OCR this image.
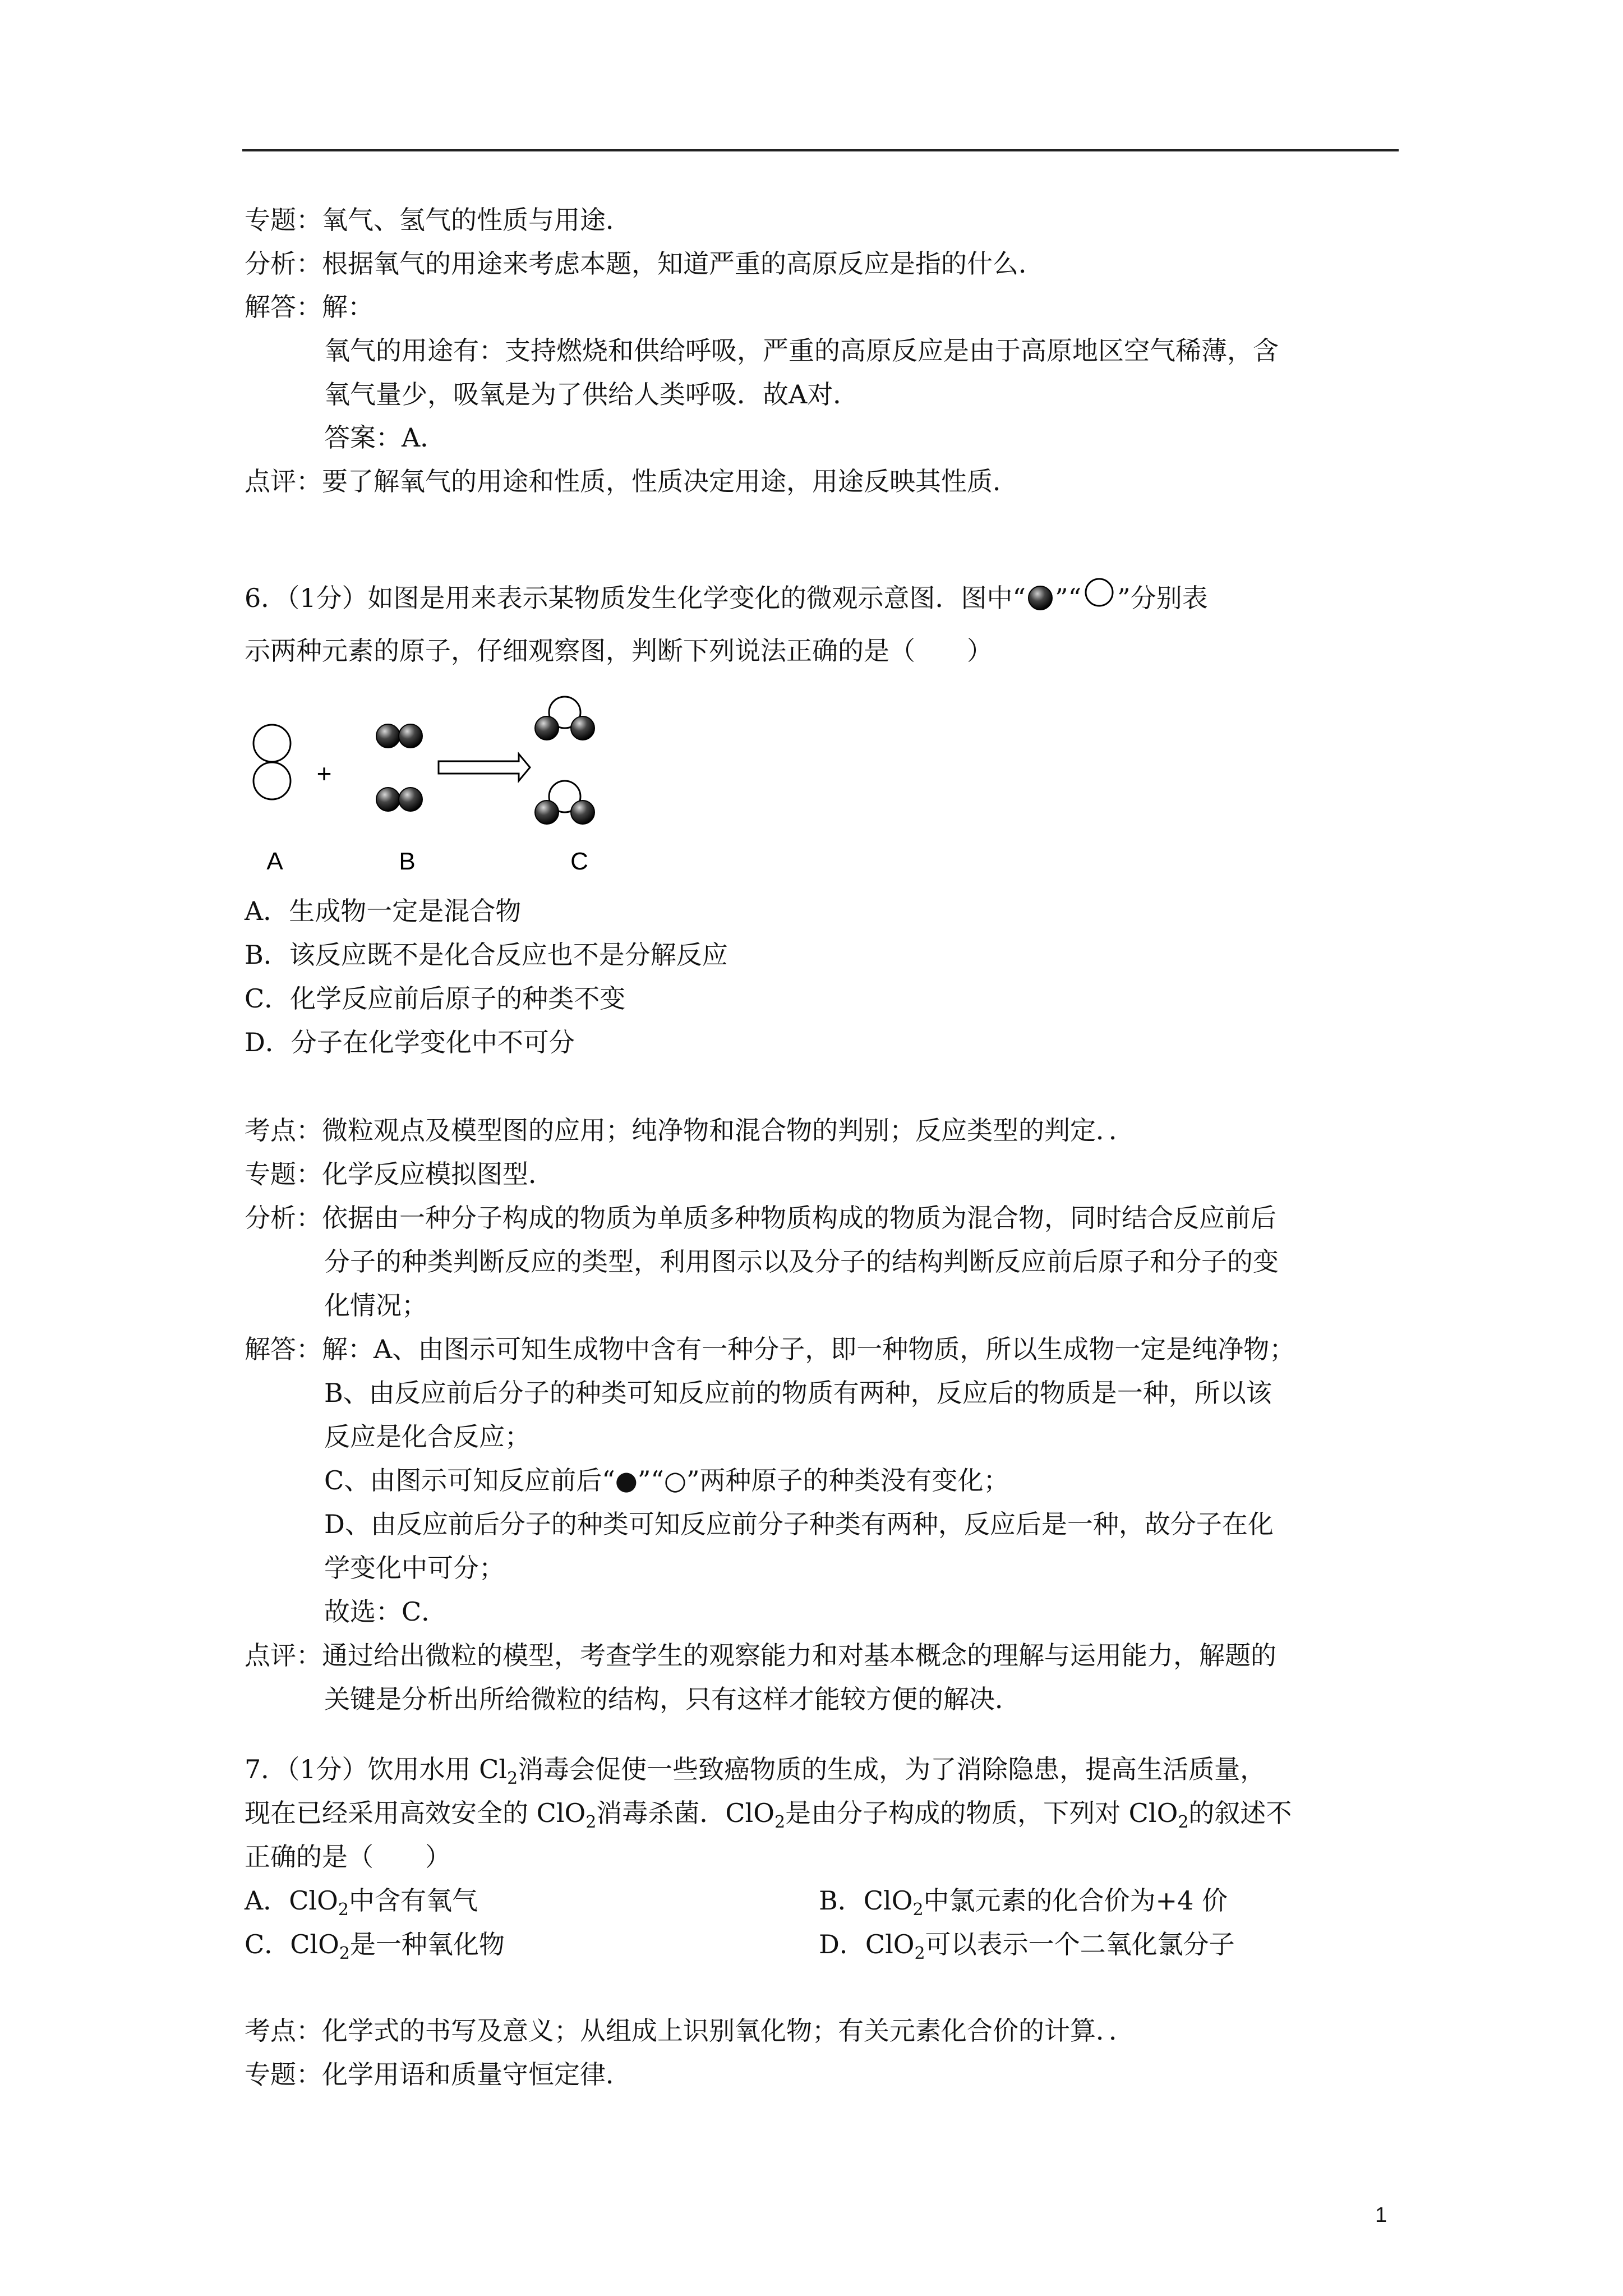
专题：氧气、氢气的性质与用途．
分析：根据氧气的用途来考虑本题，知道严重的高原反应是指的什么．
解答：解：
氧气的用途有：支持燃烧和供给呼吸，严重的高原反应是由于高原地区空气稀薄，含
氧气量少，吸氧是为了供给人类呼吸．故A对．
答案：A．
点评：要了解氧气的用途和性质，性质决定用途，用途反映其性质．
6．（1分）如图是用来表示某物质发生化学变化的微观示意图．图中“ ”“ ”分别表
示两种元素的原子，仔细观察图，判断下列说法正确的是（　　）
+
A	B	C
A．生成物一定是混合物
B．该反应既不是化合反应也不是分解反应
C．化学反应前后原子的种类不变
D．分子在化学变化中不可分
考点：微粒观点及模型图的应用；纯净物和混合物的判别；反应类型的判定．．
专题：化学反应模拟图型．
分析：依据由一种分子构成的物质为单质多种物质构成的物质为混合物，同时结合反应前后
分子的种类判断反应的类型，利用图示以及分子的结构判断反应前后原子和分子的变
化情况；
解答：解：A、由图示可知生成物中含有一种分子，即一种物质，所以生成物一定是纯净物；
B、由反应前后分子的种类可知反应前的物质有两种，反应后的物质是一种，所以该
反应是化合反应；
C、由图示可知反应前后“●”“○”两种原子的种类没有变化；
D、由反应前后分子的种类可知反应前分子种类有两种，反应后是一种，故分子在化
学变化中可分；
故选：C．
点评：通过给出微粒的模型，考查学生的观察能力和对基本概念的理解与运用能力，解题的
关键是分析出所给微粒的结构，只有这样才能较方便的解决．
7．（1分）饮用水用 $Cl_2$消毒会促使一些致癌物质的生成，为了消除隐患，提高生活质量，
现在已经采用高效安全的 ClO$_2$消毒杀菌．ClO$_2$是由分子构成的物质，下列对 ClO$_2$的叙述不
正确的是（　　）
A．ClO$_2$中含有氧气	B．ClO$_2$中氯元素的化合价为+4 价
C．ClO$_2$是一种氧化物	D．ClO$_2$可以表示一个二氧化氯分子
考点：化学式的书写及意义；从组成上识别氧化物；有关元素化合价的计算．．
专题：化学用语和质量守恒定律．
1
